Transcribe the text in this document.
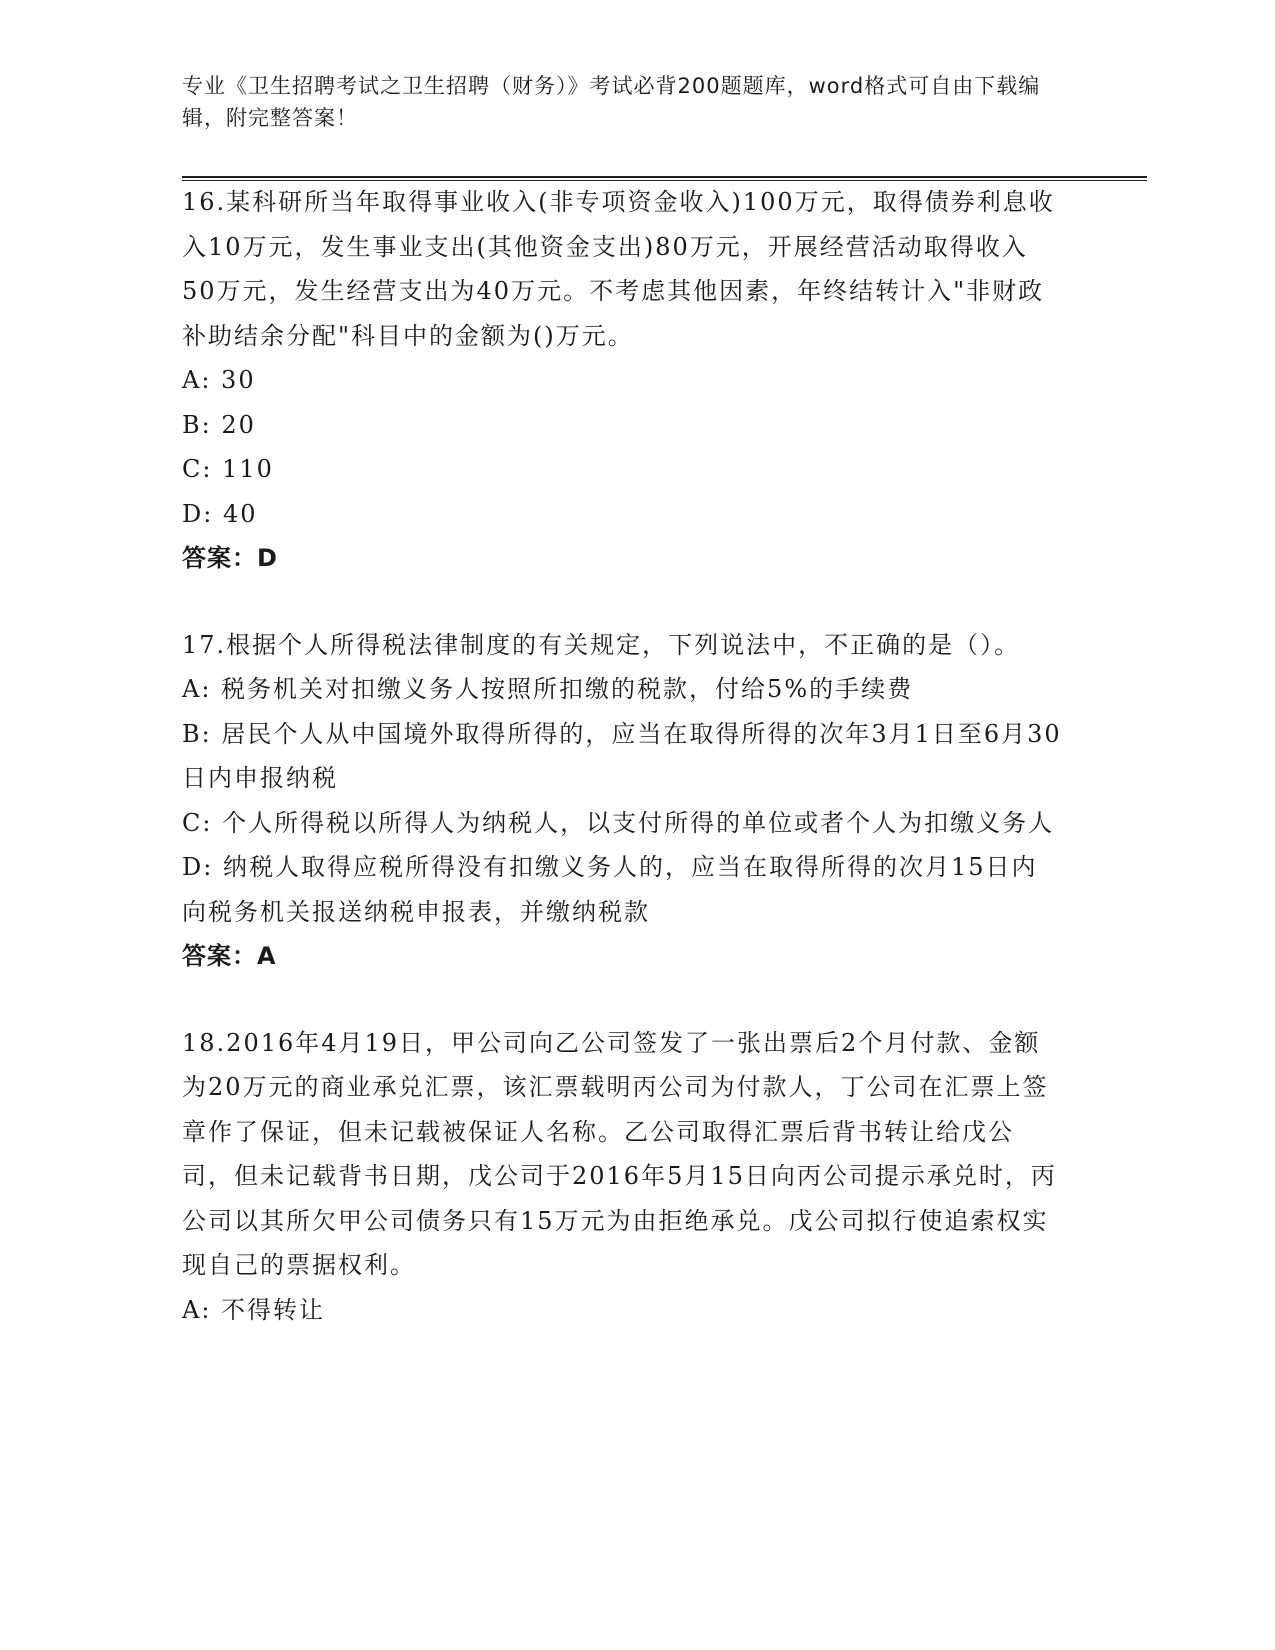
专业《卫生招聘考试之卫生招聘（财务）》考试必背200题题库，word格式可自由下载编辑，附完整答案！

16.某科研所当年取得事业收入(非专项资金收入)100万元，取得债券利息收入10万元，发生事业支出(其他资金支出)80万元，开展经营活动取得收入50万元，发生经营支出为40万元。不考虑其他因素，年终结转计入"非财政补助结余分配"科目中的金额为()万元。

A: 30

B: 20

C: 110

D: 40

答案：D

17.根据个人所得税法律制度的有关规定，下列说法中，不正确的是（）。

A: 税务机关对扣缴义务人按照所扣缴的税款，付给5%的手续费

B: 居民个人从中国境外取得所得的，应当在取得所得的次年3月1日至6月30日内申报纳税

C: 个人所得税以所得人为纳税人，以支付所得的单位或者个人为扣缴义务人

D: 纳税人取得应税所得没有扣缴义务人的，应当在取得所得的次月15日内向税务机关报送纳税申报表，并缴纳税款

答案：A

18.2016年4月19日，甲公司向乙公司签发了一张出票后2个月付款、金额为20万元的商业承兑汇票，该汇票载明丙公司为付款人，丁公司在汇票上签章作了保证，但未记载被保证人名称。乙公司取得汇票后背书转让给戊公司，但未记载背书日期，戊公司于2016年5月15日向丙公司提示承兑时，丙公司以其所欠甲公司债务只有15万元为由拒绝承兑。戊公司拟行使追索权实现自己的票据权利。

A: 不得转让
